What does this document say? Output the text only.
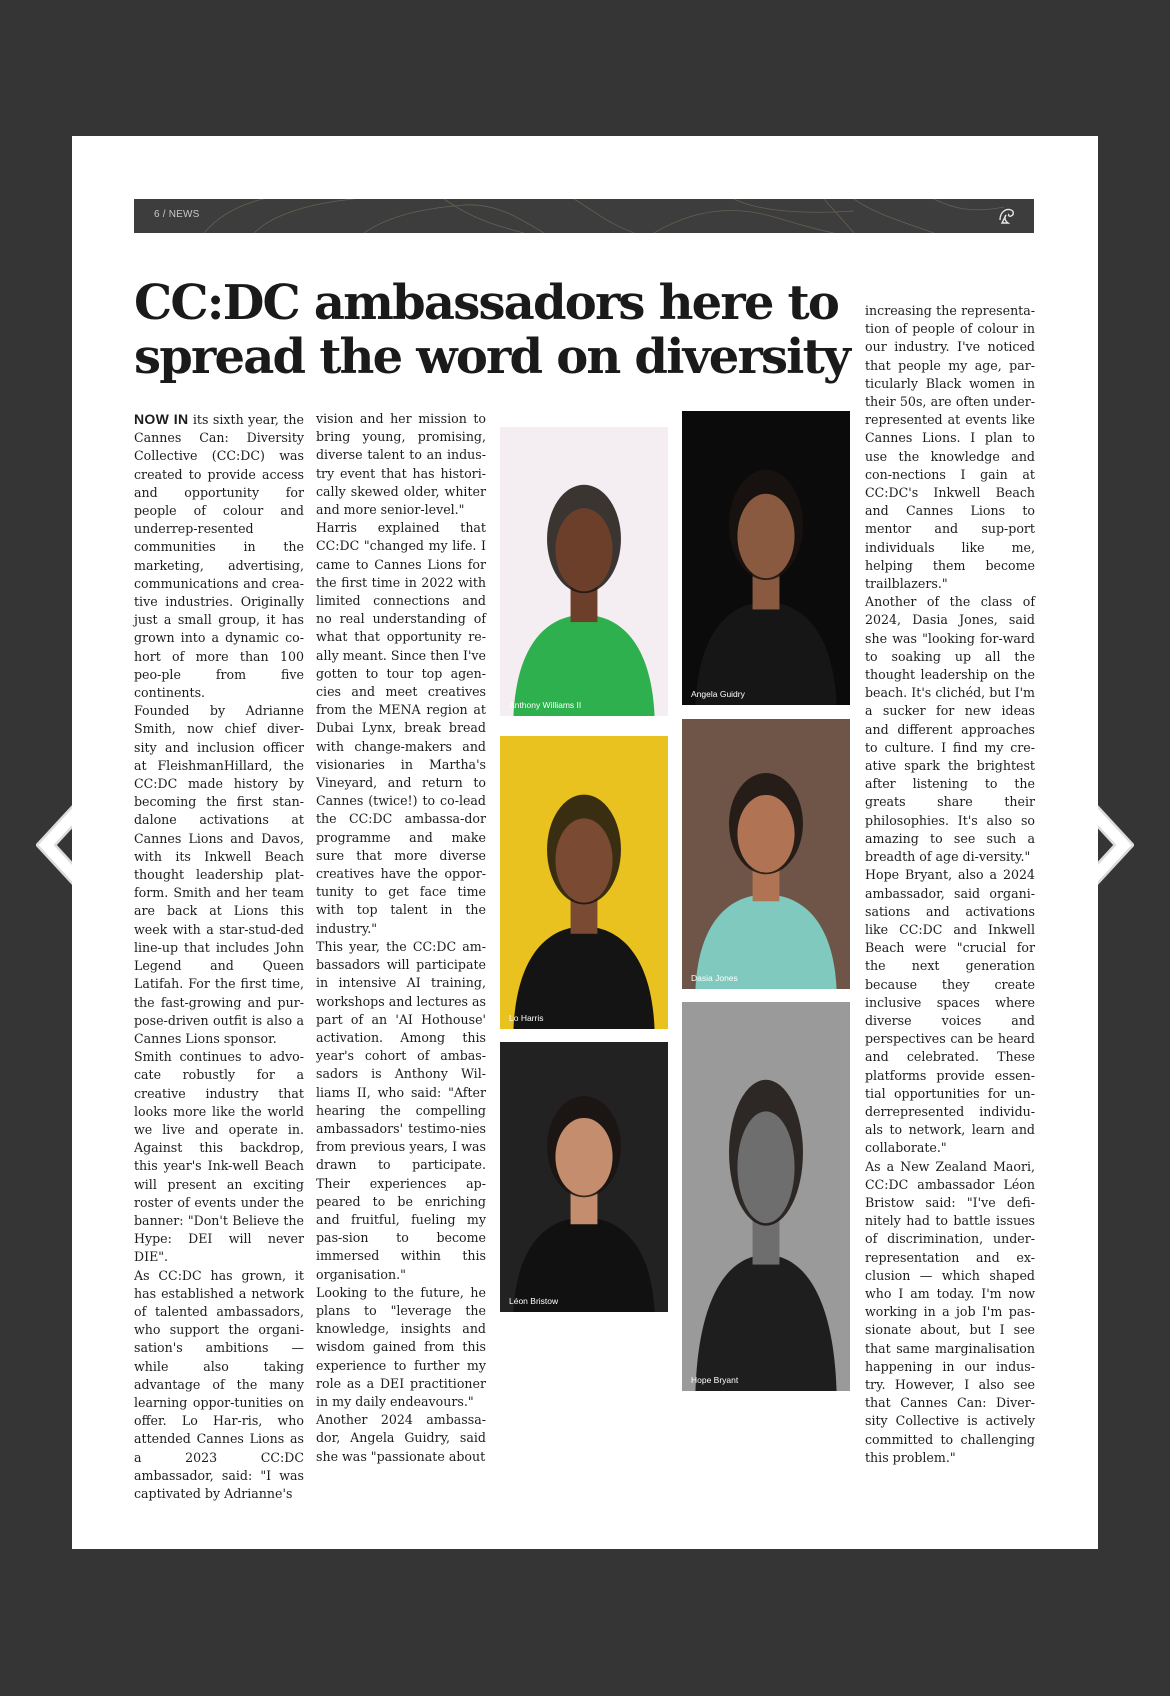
6 / NEWS
CC:DC ambassadors here to spread the word on diversity

NOW IN its sixth year, the Cannes Can: Diversity Collective (CC:DC) was created to provide access and opportunity for people of colour and underrep-resented communities in the marketing, advertising, communications and crea-tive industries. Originally just a small group, it has grown into a dynamic co-hort of more than 100 peo-ple from five continents.

Founded by Adrianne Smith, now chief diver-sity and inclusion officer at FleishmanHillard, the CC:DC made history by becoming the first stan-dalone activations at Cannes Lions and Davos, with its Inkwell Beach thought leadership plat-form. Smith and her team are back at Lions this week with a star-stud-ded line-up that includes John Legend and Queen Latifah. For the first time, the fast-growing and pur-pose-driven outfit is also a Cannes Lions sponsor.

Smith continues to advo-cate robustly for a creative industry that looks more like the world we live and operate in. Against this backdrop, this year's Ink-well Beach will present an exciting roster of events under the banner: "Don't Believe the Hype: DEI will never DIE".

As CC:DC has grown, it has established a network of talented ambassadors, who support the organi-sation's ambitions — while also taking advantage of the many learning oppor-tunities on offer. Lo Har-ris, who attended Cannes Lions as a 2023 CC:DC ambassador, said: "I was captivated by Adrianne's

vision and her mission to bring young, promising, diverse talent to an indus-try event that has histori-cally skewed older, whiter and more senior-level."

Harris explained that CC:DC "changed my life. I came to Cannes Lions for the first time in 2022 with limited connections and no real understanding of what that opportunity re-ally meant. Since then I've gotten to tour top agen-cies and meet creatives from the MENA region at Dubai Lynx, break bread with change-makers and visionaries in Martha's Vineyard, and return to Cannes (twice!) to co-lead the CC:DC ambassa-dor programme and make sure that more diverse creatives have the oppor-tunity to get face time with top talent in the industry."

This year, the CC:DC am-bassadors will participate in intensive AI training, workshops and lectures as part of an 'AI Hothouse' activation. Among this year's cohort of ambas-sadors is Anthony Wil-liams II, who said: "After hearing the compelling ambassadors' testimo-nies from previous years, I was drawn to participate. Their experiences ap-peared to be enriching and fruitful, fueling my pas-sion to become immersed within this organisation."

Looking to the future, he plans to "leverage the knowledge, insights and wisdom gained from this experience to further my role as a DEI practitioner in my daily endeavours."

Another 2024 ambassa-dor, Angela Guidry, said she was "passionate about

increasing the representa-tion of people of colour in our industry. I've noticed that people my age, par-ticularly Black women in their 50s, are often under-represented at events like Cannes Lions. I plan to use the knowledge and con-nections I gain at CC:DC's Inkwell Beach and Cannes Lions to mentor and sup-port individuals like me, helping them become trailblazers."

Another of the class of 2024, Dasia Jones, said she was "looking for-ward to soaking up all the thought leadership on the beach. It's clichéd, but I'm a sucker for new ideas and different approaches to culture. I find my cre-ative spark the brightest after listening to the greats share their philosophies. It's also so amazing to see such a breadth of age di-versity."

Hope Bryant, also a 2024 ambassador, said organi-sations and activations like CC:DC and Inkwell Beach were "crucial for the next generation because they create inclusive spaces where diverse voices and perspectives can be heard and celebrated. These platforms provide essen-tial opportunities for un-derrepresented individu-als to network, learn and collaborate."

As a New Zealand Maori, CC:DC ambassador Léon Bristow said: "I've defi-nitely had to battle issues of discrimination, under-representation and ex-clusion — which shaped who I am today. I'm now working in a job I'm pas-sionate about, but I see that same marginalisation happening in our indus-try. However, I also see that Cannes Can: Diver-sity Collective is actively committed to challenging this problem."

Anthony Williams II
Angela Guidry
Lo Harris
Dasia Jones
Léon Bristow
Hope Bryant
